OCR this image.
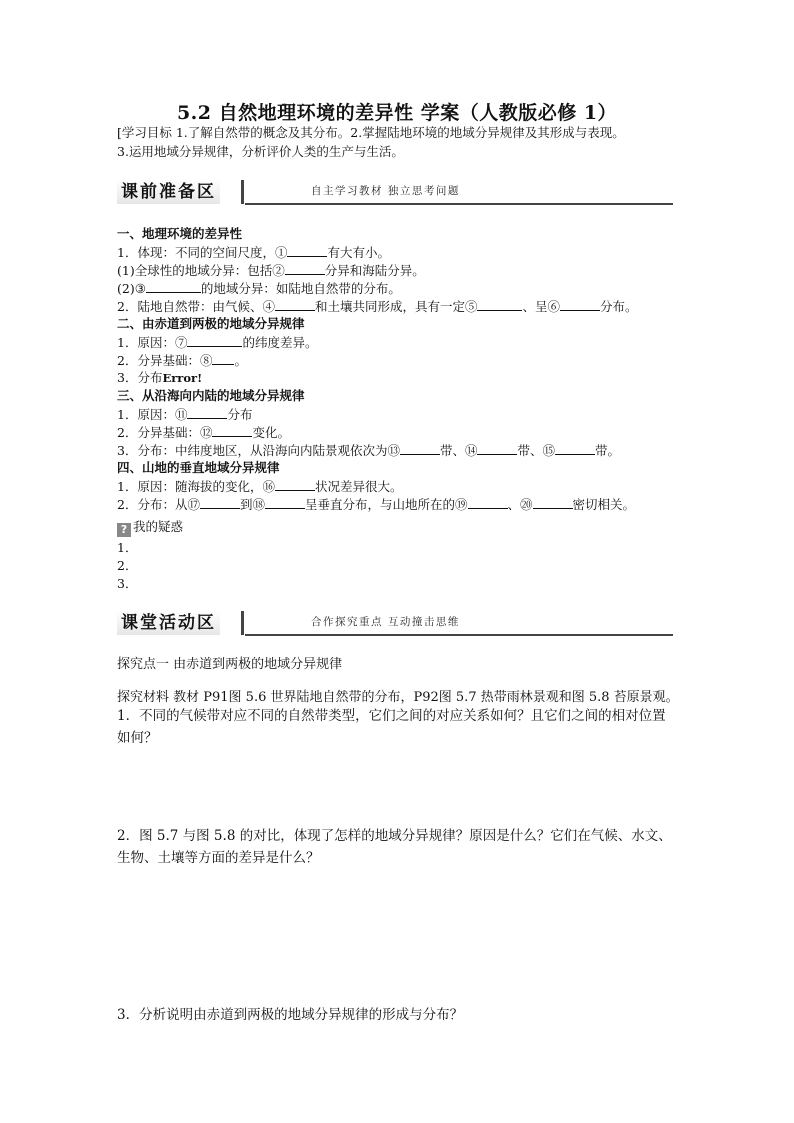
5.2 自然地理环境的差异性 学案（人教版必修 1）
[学习目标 1.了解自然带的概念及其分布。2.掌握陆地环境的地域分异规律及其形成与表现。
3.运用地域分异规律，分析评价人类的生产与生活。
课前准备区	自主学习教材 独立思考问题
一、地理环境的差异性
1．体现：不同的空间尺度，①	有大有小。
(1)全球性的地域分异：包括②	分异和海陆分异。
(2)③	的地域分异：如陆地自然带的分布。
2．陆地自然带：由气候、④	和土壤共同形成，具有一定⑤	、呈⑥	分布。
二、由赤道到两极的地域分异规律
1．原因：⑦	的纬度差异。
2．分异基础：⑧ 。
3．分布Error!
三、从沿海向内陆的地域分异规律
1．原因：⑪	分布
2．分异基础：⑫	变化。
3．分布：中纬度地区，从沿海向内陆景观依次为⑬	带、⑭	带、⑮	带。
四、山地的垂直地域分异规律
1．原因：随海拔的变化，⑯	状况差异很大。
2．分布：从⑰	到⑱	呈垂直分布，与山地所在的⑲	、⑳	密切相关。
? 我的疑惑
1．
2．
3．
课堂活动区	合作探究重点 互动撞击思维
探究点一 由赤道到两极的地域分异规律
探究材料 教材 P91图 5.6 世界陆地自然带的分布，P92图 5.7 热带雨林景观和图 5.8 苔原景观。
1．不同的气候带对应不同的自然带类型，它们之间的对应关系如何？且它们之间的相对位置
如何？
2．图 5.7 与图 5.8 的对比，体现了怎样的地域分异规律？原因是什么？它们在气候、水文、
生物、土壤等方面的差异是什么？
3．分析说明由赤道到两极的地域分异规律的形成与分布？
